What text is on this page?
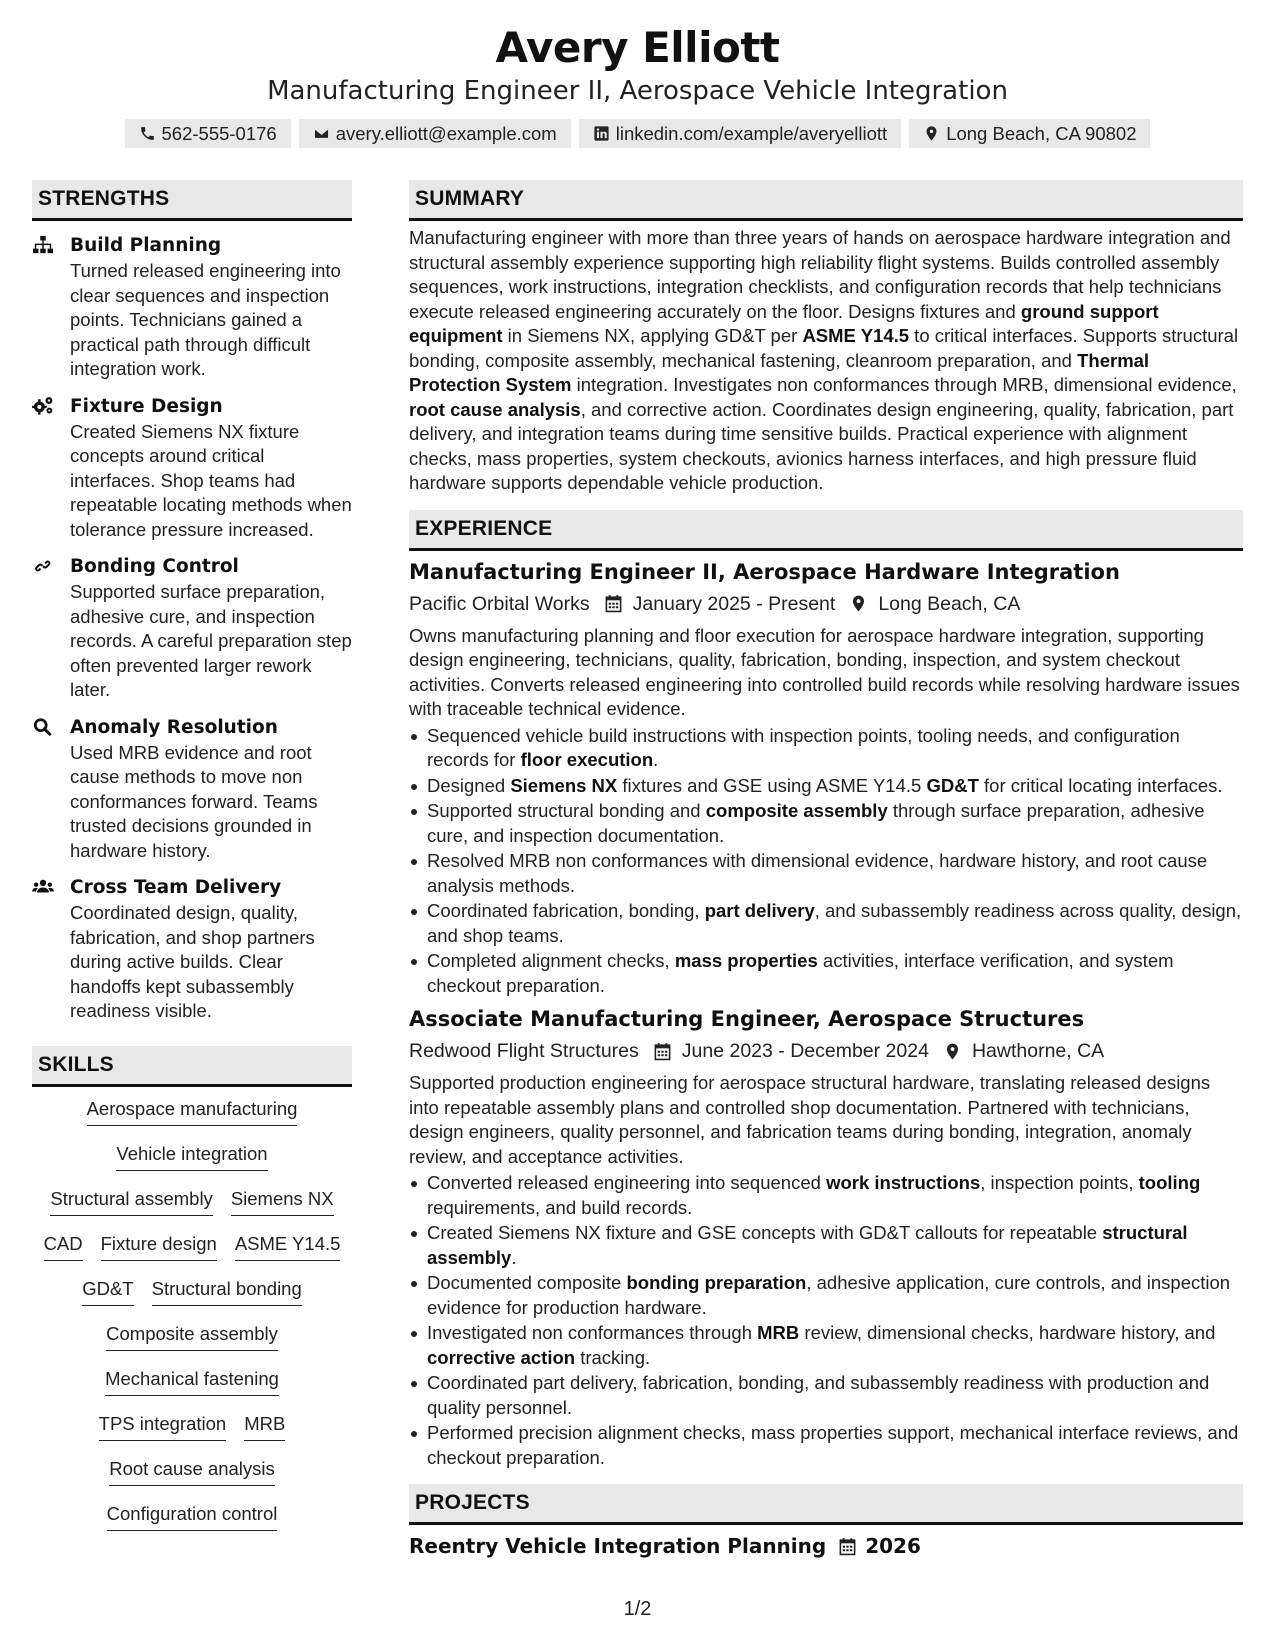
Avery Elliott
Manufacturing Engineer II, Aerospace Vehicle Integration
562-555-0176	avery.elliott@example.com	linkedin.com/example/averyelliott	Long Beach, CA 90802
STRENGTHS
Build Planning
Turned released engineering into clear sequences and inspection points. Technicians gained a practical path through difficult integration work.
Fixture Design
Created Siemens NX fixture concepts around critical interfaces. Shop teams had repeatable locating methods when tolerance pressure increased.
Bonding Control
Supported surface preparation, adhesive cure, and inspection records. A careful preparation step often prevented larger rework later.
Anomaly Resolution
Used MRB evidence and root cause methods to move non conformances forward. Teams trusted decisions grounded in hardware history.
Cross Team Delivery
Coordinated design, quality, fabrication, and shop partners during active builds. Clear handoffs kept subassembly readiness visible.
SKILLS
Aerospace manufacturing
Vehicle integration
Structural assembly Siemens NX
CAD Fixture design ASME Y14.5
GD&T Structural bonding
Composite assembly
Mechanical fastening
TPS integration MRB
Root cause analysis
Configuration control
SUMMARY
Manufacturing engineer with more than three years of hands on aerospace hardware integration and structural assembly experience supporting high reliability flight systems. Builds controlled assembly sequences, work instructions, integration checklists, and configuration records that help technicians execute released engineering accurately on the floor. Designs fixtures and ground support equipment in Siemens NX, applying GD&T per ASME Y14.5 to critical interfaces. Supports structural bonding, composite assembly, mechanical fastening, cleanroom preparation, and Thermal Protection System integration. Investigates non conformances through MRB, dimensional evidence, root cause analysis, and corrective action. Coordinates design engineering, quality, fabrication, part delivery, and integration teams during time sensitive builds. Practical experience with alignment checks, mass properties, system checkouts, avionics harness interfaces, and high pressure fluid hardware supports dependable vehicle production.
EXPERIENCE
Manufacturing Engineer II, Aerospace Hardware Integration
Pacific Orbital Works January 2025 - Present Long Beach, CA
Owns manufacturing planning and floor execution for aerospace hardware integration, supporting design engineering, technicians, quality, fabrication, bonding, inspection, and system checkout activities. Converts released engineering into controlled build records while resolving hardware issues with traceable technical evidence.
Sequenced vehicle build instructions with inspection points, tooling needs, and configuration records for floor execution.
Designed Siemens NX fixtures and GSE using ASME Y14.5 GD&T for critical locating interfaces.
Supported structural bonding and composite assembly through surface preparation, adhesive cure, and inspection documentation.
Resolved MRB non conformances with dimensional evidence, hardware history, and root cause analysis methods.
Coordinated fabrication, bonding, part delivery, and subassembly readiness across quality, design, and shop teams.
Completed alignment checks, mass properties activities, interface verification, and system checkout preparation.
Associate Manufacturing Engineer, Aerospace Structures
Redwood Flight Structures June 2023 - December 2024 Hawthorne, CA
Supported production engineering for aerospace structural hardware, translating released designs into repeatable assembly plans and controlled shop documentation. Partnered with technicians, design engineers, quality personnel, and fabrication teams during bonding, integration, anomaly review, and acceptance activities.
Converted released engineering into sequenced work instructions, inspection points, tooling requirements, and build records.
Created Siemens NX fixture and GSE concepts with GD&T callouts for repeatable structural assembly.
Documented composite bonding preparation, adhesive application, cure controls, and inspection evidence for production hardware.
Investigated non conformances through MRB review, dimensional checks, hardware history, and corrective action tracking.
Coordinated part delivery, fabrication, bonding, and subassembly readiness with production and quality personnel.
Performed precision alignment checks, mass properties support, mechanical interface reviews, and checkout preparation.
PROJECTS
Reentry Vehicle Integration Planning 2026
1/2
